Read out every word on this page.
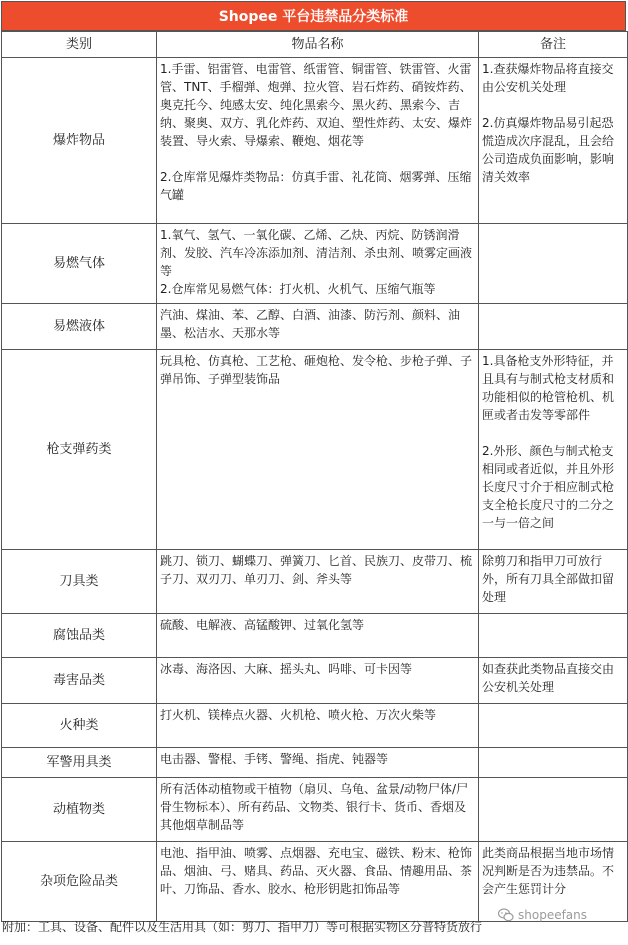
Shopee 平台违禁品分类标准
类别	物品名称	备注
爆炸物品	1.手雷、铝雷管、电雷管、纸雷管、铜雷管、铁雷管、火雷管、TNT、手榴弹、炮弹、拉火管、岩石炸药、硝铵炸药、奥克托今、纯感太安、纯化黑索今、黑火药、黑索今、吉纳、聚奥、双方、乳化炸药、双迫、塑性炸药、太安、爆炸装置、导火索、导爆索、鞭炮、烟花等

2.仓库常见爆炸类物品：仿真手雷、礼花筒、烟雾弹、压缩气罐	1.查获爆炸物品将直接交由公安机关处理

2.仿真爆炸物品易引起恐慌造成次序混乱，且会给公司造成负面影响，影响清关效率
易燃气体	1.氧气、氢气、一氧化碳、乙烯、乙炔、丙烷、防锈润滑剂、发胶、汽车冷冻添加剂、清洁剂、杀虫剂、喷雾定画液等
2.仓库常见易燃气体：打火机、火机气、压缩气瓶等	
易燃液体	汽油、煤油、苯、乙醇、白酒、油漆、防污剂、颜料、油墨、松洁水、天那水等	
枪支弹药类	玩具枪、仿真枪、工艺枪、砸炮枪、发令枪、步枪子弹、子弹吊饰、子弹型装饰品	1.具备枪支外形特征，并且具有与制式枪支材质和功能相似的枪管枪机、机匣或者击发等零部件

2.外形、颜色与制式枪支相同或者近似，并且外形长度尺寸介于相应制式枪支全枪长度尺寸的二分之一与一倍之间
刀具类	跳刀、锁刀、蝴蝶刀、弹簧刀、匕首、民族刀、皮带刀、梳子刀、双刃刀、单刃刀、剑、斧头等	除剪刀和指甲刀可放行外，所有刀具全部做扣留处理
腐蚀品类	硫酸、电解液、高锰酸钾、过氧化氢等	
毒害品类	冰毒、海洛因、大麻、摇头丸、吗啡、可卡因等	如查获此类物品直接交由公安机关处理
火种类	打火机、镁棒点火器、火机枪、喷火枪、万次火柴等	
军警用具类	电击器、警棍、手铐、警绳、指虎、钝器等	
动植物类	所有活体动植物或干植物（扇贝、乌龟、盆景/动物尸体/尸骨生物标本）、所有药品、文物类、银行卡、货币、香烟及其他烟草制品等	
杂项危险品类	电池、指甲油、喷雾、点烟器、充电宝、磁铁、粉末、枪饰品、烟油、弓、赌具、药品、灭火器、食品、情趣用品、茶叶、刀饰品、香水、胶水、枪形钥匙扣饰品等	此类商品根据当地市场情况判断是否为违禁品。不会产生惩罚计分
shopeefans
附加：工具、设备、配件以及生活用具（如：剪刀、指甲刀）等可根据实物区分普特货放行
